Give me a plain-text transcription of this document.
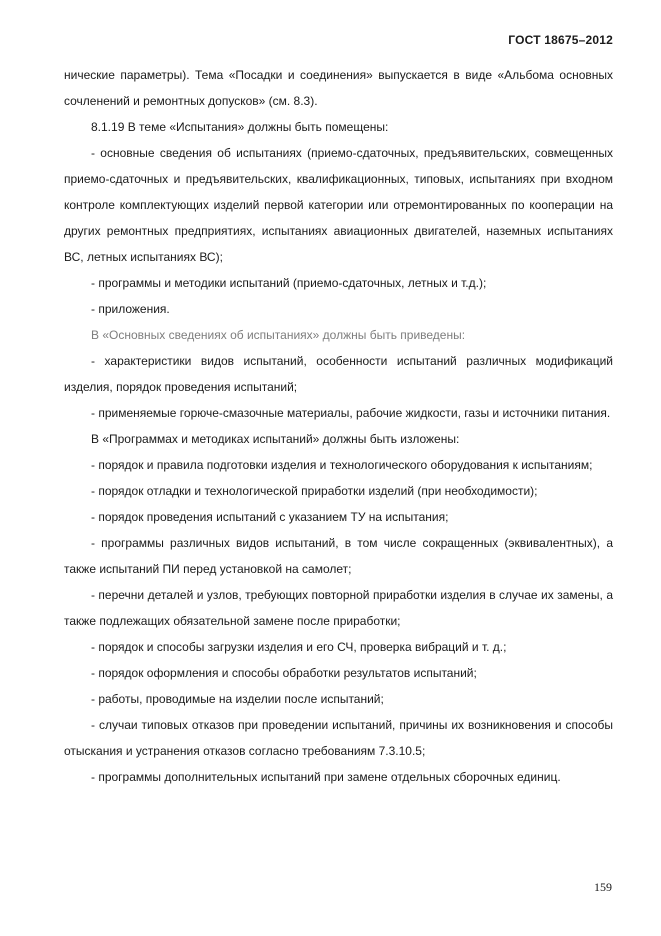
ГОСТ 18675–2012

нические параметры). Тема «Посадки и соединения» выпускается в виде «Альбома основных сочленений и ремонтных допусков» (см. 8.3).

8.1.19 В теме «Испытания» должны быть помещены:

- основные сведения об испытаниях (приемо-сдаточных, предъявительских, совмещенных приемо-сдаточных и предъявительских, квалификационных, типовых, испытаниях при входном контроле комплектующих изделий первой категории или отремонтированных по кооперации на других ремонтных предприятиях, испытаниях авиационных двигателей, наземных испытаниях ВС, летных испытаниях ВС);

- программы и методики испытаний (приемо-сдаточных, летных и т.д.);

- приложения.

В «Основных сведениях об испытаниях» должны быть приведены:

- характеристики видов испытаний, особенности испытаний различных модификаций изделия, порядок проведения испытаний;

- применяемые горюче-смазочные материалы, рабочие жидкости, газы и источники питания.

В «Программах и методиках испытаний» должны быть изложены:

- порядок и правила подготовки изделия и технологического оборудования к испытаниям;

- порядок отладки и технологической приработки изделий (при необходимости);

- порядок проведения испытаний с указанием ТУ на испытания;

- программы различных видов испытаний, в том числе сокращенных (эквивалентных), а также испытаний ПИ перед установкой на самолет;

- перечни деталей и узлов, требующих повторной приработки изделия в случае их замены, а также подлежащих обязательной замене после приработки;

- порядок и способы загрузки изделия и его СЧ, проверка вибраций и т. д.;

- порядок оформления и способы обработки результатов испытаний;

- работы, проводимые на изделии после испытаний;

- случаи типовых отказов при проведении испытаний, причины их возникновения и способы отыскания и устранения отказов согласно требованиям 7.3.10.5;

- программы дополнительных испытаний при замене отдельных сборочных единиц.

159
